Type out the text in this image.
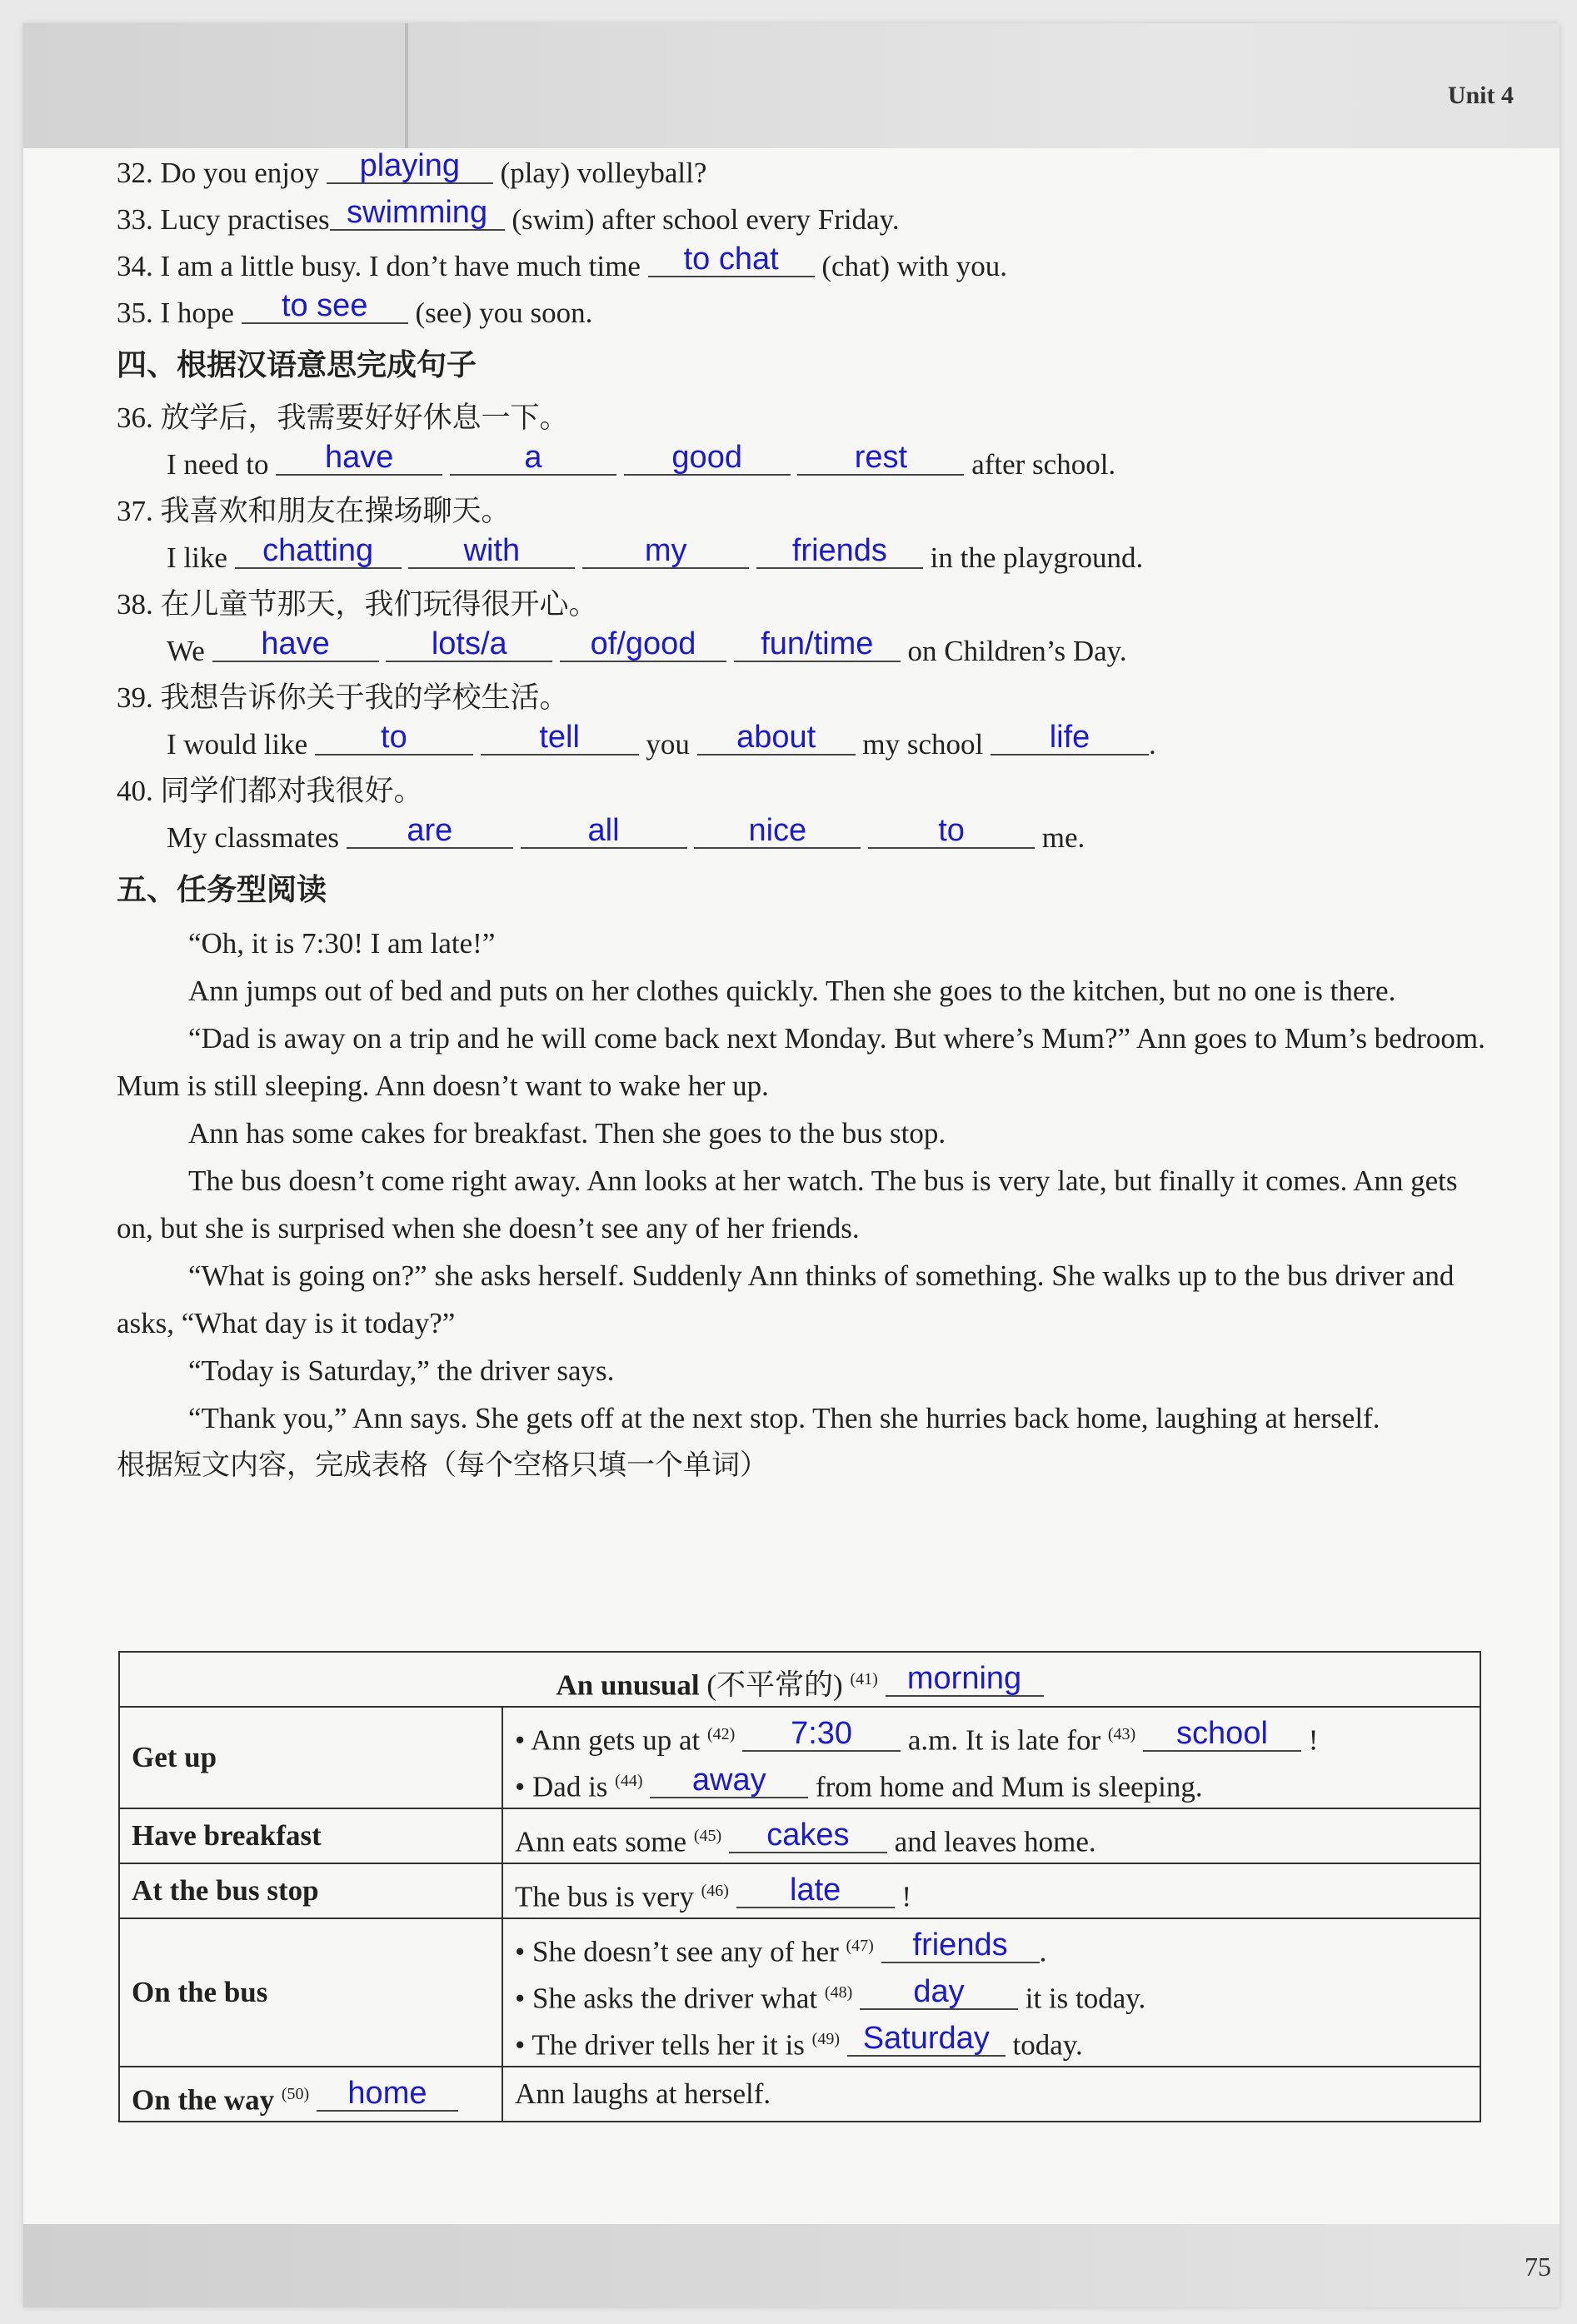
Unit 4
75
32. Do you enjoy playing (play) volleyball?
33. Lucy practises swimming (swim) after school every Friday.
34. I am a little busy. I don’t have much time to chat (chat) with you.
35. I hope to see (see) you soon.
四、根据汉语意思完成句子
36. 放学后，我需要好好休息一下。
I need to have	a	good	rest after school.
37. 我喜欢和朋友在操场聊天。
I like chatting	with	my	friends in the playground.
38. 在儿童节那天，我们玩得很开心。
We have	lots/a	of/good fun/time on Children’s Day.
39. 我想告诉你关于我的学校生活。
I would like to	tell you about my school life .
40. 同学们都对我很好。
My classmates are	all	nice	to	me.
五、任务型阅读

“Oh, it is 7:30! I am late!”

Ann jumps out of bed and puts on her clothes quickly. Then she goes to the kitchen, but no one is there.

“Dad is away on a trip and he will come back next Monday. But where’s Mum?” Ann goes to Mum’s bedroom. Mum is still sleeping. Ann doesn’t want to wake her up.

Ann has some cakes for breakfast. Then she goes to the bus stop.

The bus doesn’t come right away. Ann looks at her watch. The bus is very late, but finally it comes. Ann gets on, but she is surprised when she doesn’t see any of her friends.

“What is going on?” she asks herself. Suddenly Ann thinks of something. She walks up to the bus driver and asks, “What day is it today?”

“Today is Saturday,” the driver says.

“Thank you,” Ann says. She gets off at the next stop. Then she hurries back home, laughing at herself.

根据短文内容，完成表格（每个空格只填一个单词）
An unusual (不平常的) $^{(41)}$ morning	

Get up	• Ann gets up at $^{(42)}$ 7:30 a.m. It is late for $^{(43)}$ school !
• Dad is $^{(44)}$ away from home and Mum is sleeping.

Have breakfast	Ann eats some $^{(45)}$ cakes and leaves home.

At the bus stop	The bus is very $^{(46)}$ late !

On the bus	• She doesn’t see any of her $^{(47)}$ friends .
• She asks the driver what $^{(48)}$ day it is today.
• The driver tells her it is $^{(49)}$ Saturday today.

On the way $^{(50)}$ home	Ann laughs at herself.
